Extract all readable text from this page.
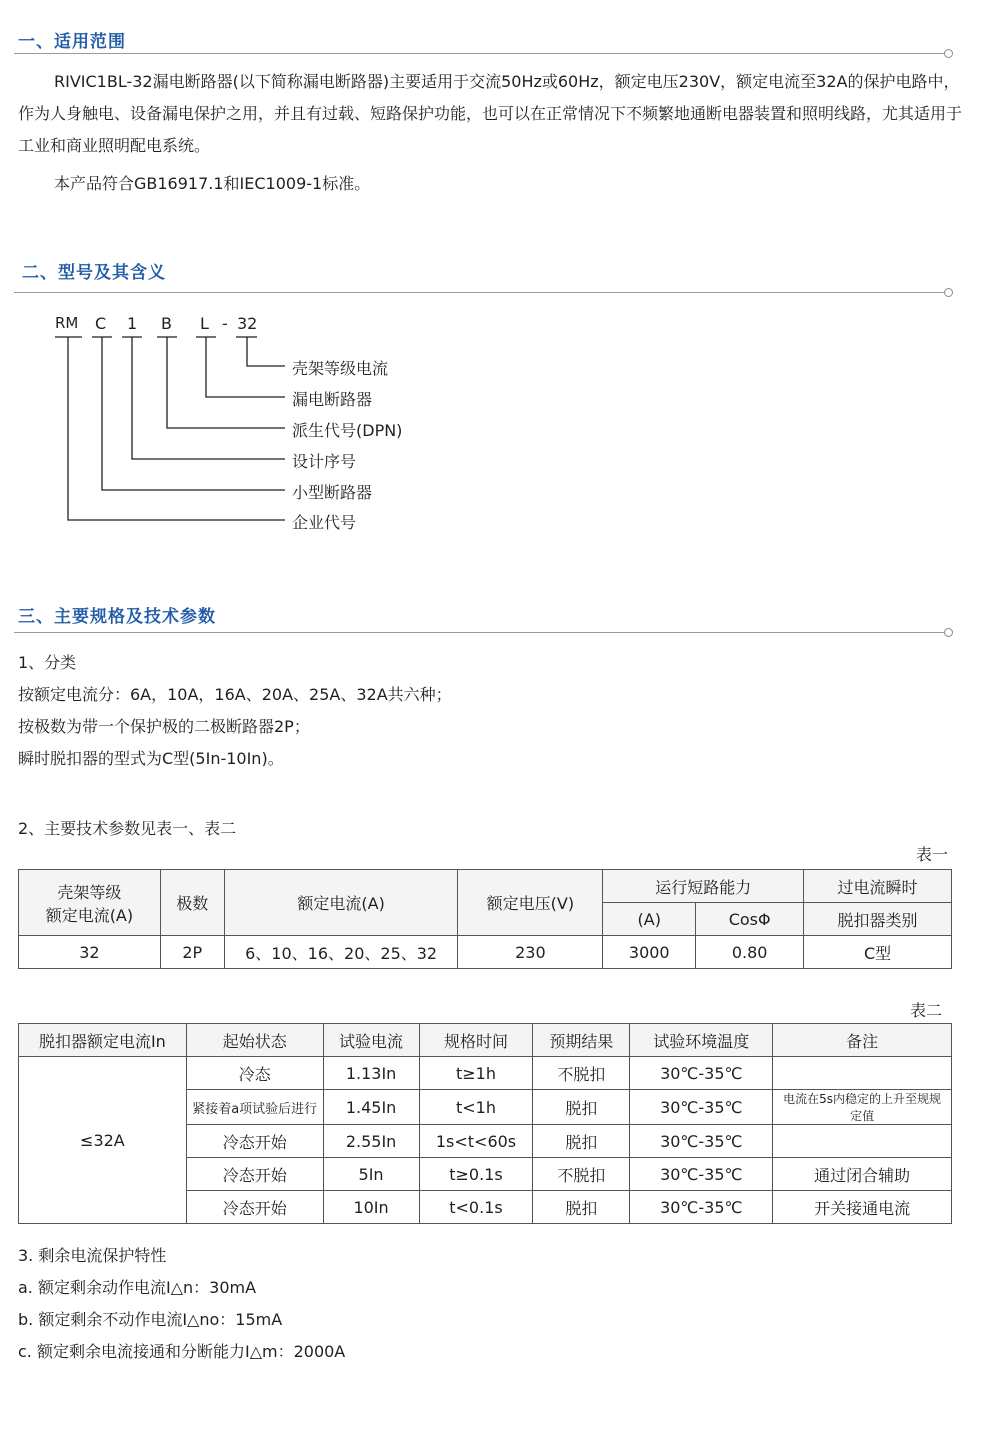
一、适用范围
RIVIC1BL-32漏电断路器(以下简称漏电断路器)主要适用于交流50Hz或60Hz，额定电压230V，额定电流至32A的保护电路中，作为人身触电、设备漏电保护之用，并且有过载、短路保护功能，也可以在正常情况下不频繁地通断电器装置和照明线路，尤其适用于工业和商业照明配电系统。
本产品符合GB16917.1和IEC1009-1标准。
二、型号及其含义
RM C 1 B L - 32
壳架等级电流
漏电断路器
派生代号(DPN)
设计序号
小型断路器
企业代号
三、主要规格及技术参数
1、分类
按额定电流分：6A，10A，16A、20A、25A、32A共六种；
按极数为带一个保护极的二极断路器2P；
瞬时脱扣器的型式为C型(5In-10In)。
2、主要技术参数见表一、表二
表一
壳架等级
额定电流(A)	极数	额定电流(A)	额定电压(V)	运行短路能力		过电流瞬时
				(A)	CosΦ	脱扣器类别
32	2P	6、10、16、20、25、32	230	3000	0.80	C型
表二
脱扣器额定电流In	起始状态	试验电流	规格时间	预期结果	试验环境温度	备注
≤32A	冷态	1.13In	t≥1h	不脱扣	30℃-35℃	
	紧接着a项试验后进行	1.45In	t<1h	脱扣	30℃-35℃	电流在5s内稳定的上升至规规定值
	冷态开始	2.55In	1s<t<60s	脱扣	30℃-35℃	
	冷态开始	5In	t≥0.1s	不脱扣	30℃-35℃	通过闭合辅助
	冷态开始	10In	t<0.1s	脱扣	30℃-35℃	开关接通电流
3. 剩余电流保护特性
a. 额定剩余动作电流I△n：30mA
b. 额定剩余不动作电流I△no：15mA
c. 额定剩余电流接通和分断能力I△m：2000A
